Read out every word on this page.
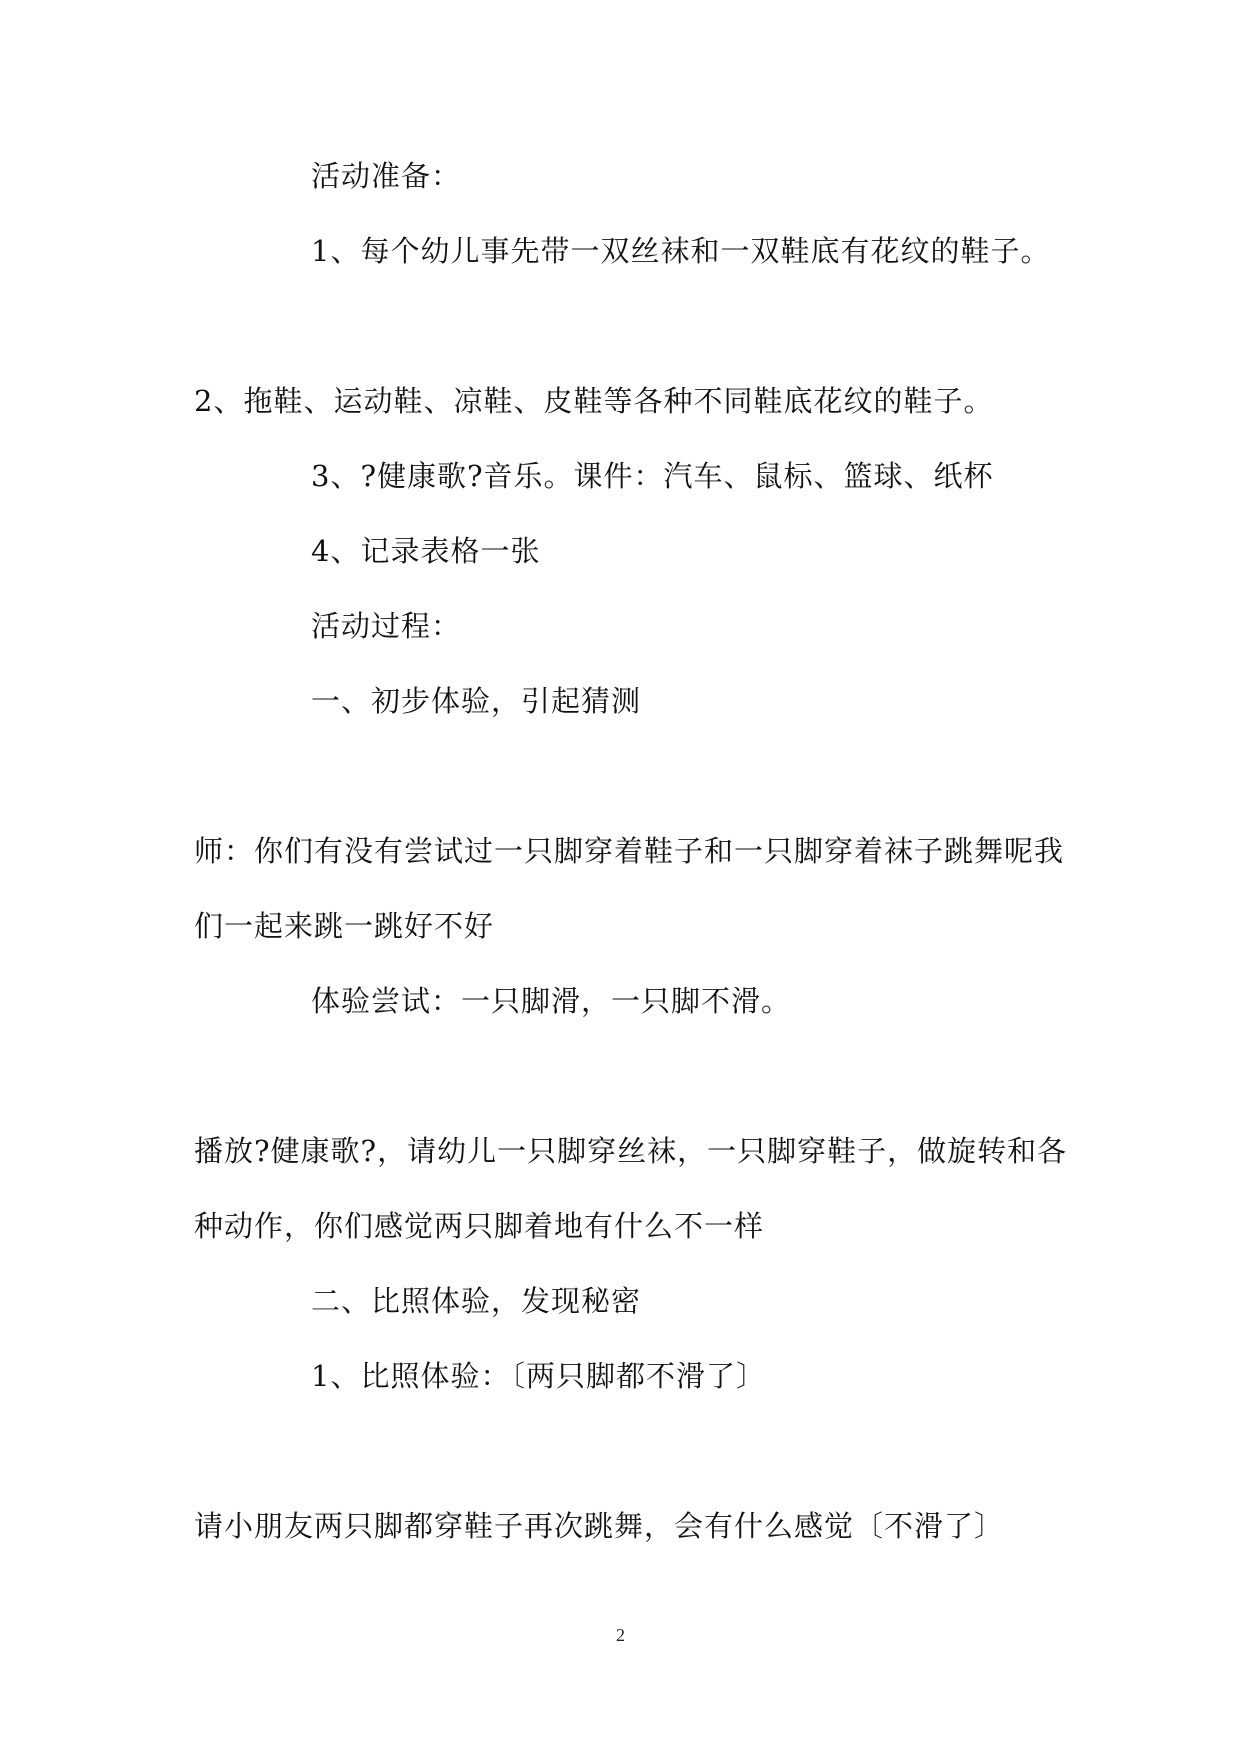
活动准备：
1、每个幼儿事先带一双丝袜和一双鞋底有花纹的鞋子。
2、拖鞋、运动鞋、凉鞋、皮鞋等各种不同鞋底花纹的鞋子。
3、?健康歌?音乐。课件：汽车、鼠标、篮球、纸杯
4、记录表格一张
活动过程：
一、初步体验，引起猜测
师：你们有没有尝试过一只脚穿着鞋子和一只脚穿着袜子跳舞呢我
们一起来跳一跳好不好
体验尝试：一只脚滑，一只脚不滑。
播放?健康歌?，请幼儿一只脚穿丝袜，一只脚穿鞋子，做旋转和各
种动作，你们感觉两只脚着地有什么不一样
二、比照体验，发现秘密
1、比照体验：〔两只脚都不滑了〕
请小朋友两只脚都穿鞋子再次跳舞，会有什么感觉〔不滑了〕
2
